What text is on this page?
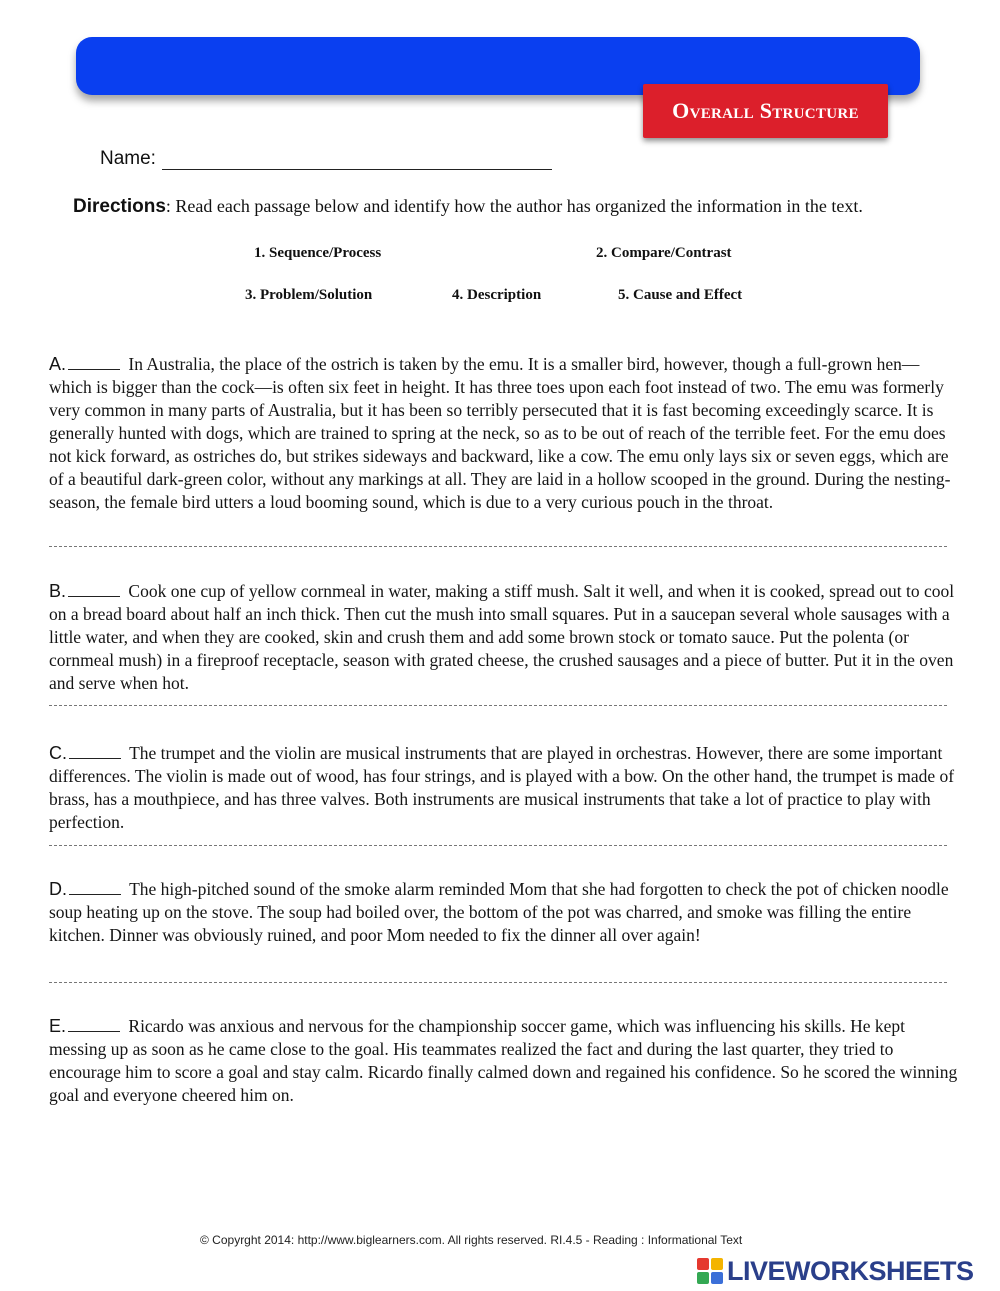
Overall Structure
Name:
Directions: Read each passage below and identify how the author has organized the information in the text.
1. Sequence/Process	2. Compare/Contrast
3. Problem/Solution	4. Description	5. Cause and Effect

A.	In Australia, the place of the ostrich is taken by the emu. It is a smaller bird, however, though a full-grown hen—which is bigger than the cock—is often six feet in height. It has three toes upon each foot instead of two. The emu was formerly very common in many parts of Australia, but it has been so terribly persecuted that it is fast becoming exceedingly scarce. It is generally hunted with dogs, which are trained to spring at the neck, so as to be out of reach of the terrible feet. For the emu does not kick forward, as ostriches do, but strikes sideways and backward, like a cow. The emu only lays six or seven eggs, which are of a beautiful dark-green color, without any markings at all. They are laid in a hollow scooped in the ground. During the nesting-season, the female bird utters a loud booming sound, which is due to a very curious pouch in the throat.

B.	Cook one cup of yellow cornmeal in water, making a stiff mush. Salt it well, and when it is cooked, spread out to cool on a bread board about half an inch thick. Then cut the mush into small squares. Put in a saucepan several whole sausages with a little water, and when they are cooked, skin and crush them and add some brown stock or tomato sauce. Put the polenta (or cornmeal mush) in a fireproof receptacle, season with grated cheese, the crushed sausages and a piece of butter. Put it in the oven and serve when hot.

C.	The trumpet and the violin are musical instruments that are played in orchestras. However, there are some important differences. The violin is made out of wood, has four strings, and is played with a bow. On the other hand, the trumpet is made of brass, has a mouthpiece, and has three valves. Both instruments are musical instruments that take a lot of practice to play with perfection.

D.	The high-pitched sound of the smoke alarm reminded Mom that she had forgotten to check the pot of chicken noodle soup heating up on the stove. The soup had boiled over, the bottom of the pot was charred, and smoke was filling the entire kitchen. Dinner was obviously ruined, and poor Mom needed to fix the dinner all over again!

E.	Ricardo was anxious and nervous for the championship soccer game, which was influencing his skills. He kept messing up as soon as he came close to the goal. His teammates realized the fact and during the last quarter, they tried to encourage him to score a goal and stay calm. Ricardo finally calmed down and regained his confidence. So he scored the winning goal and everyone cheered him on.

© Copyrght 2014: http://www.biglearners.com. All rights reserved. RI.4.5 - Reading : Informational Text
LIVEWORKSHEETS
